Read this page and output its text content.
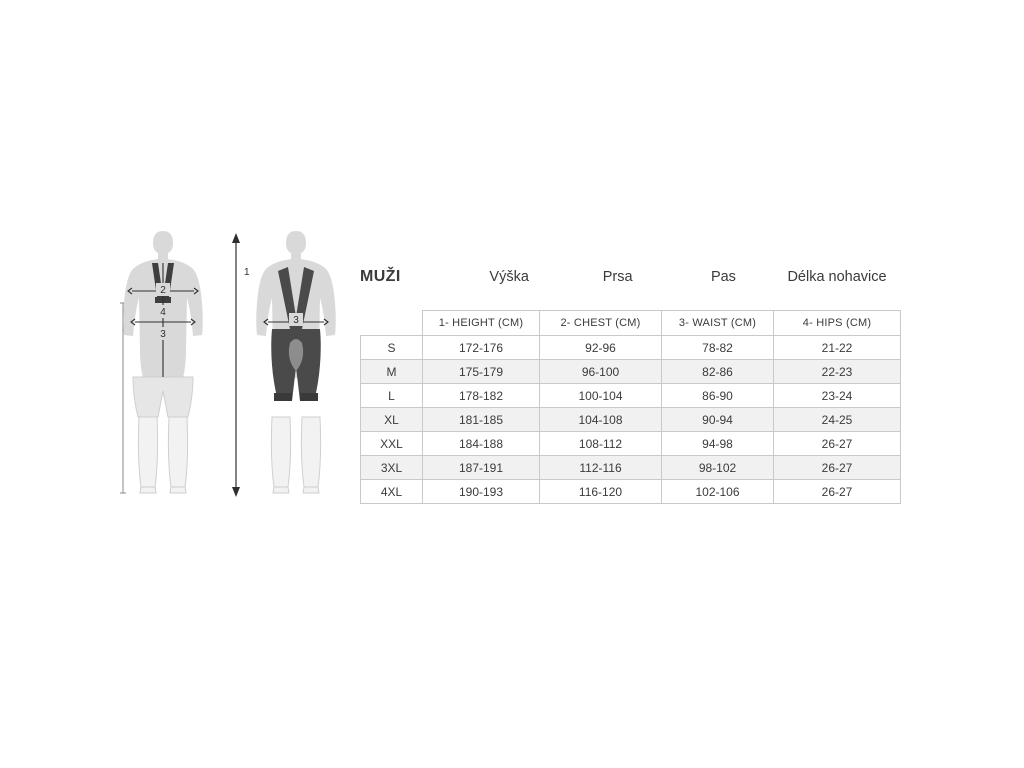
2
4
3
1
3
MUŽI	Výška	Prsa	Pas	Délka nohavice
	1- HEIGHT (CM)	2- CHEST (CM)	3- WAIST (CM)	4- HIPS (CM)
S	172-176	92-96	78-82	21-22
M	175-179	96-100	82-86	22-23
L	178-182	100-104	86-90	23-24
XL	181-185	104-108	90-94	24-25
XXL	184-188	108-112	94-98	26-27
3XL	187-191	112-116	98-102	26-27
4XL	190-193	116-120	102-106	26-27
